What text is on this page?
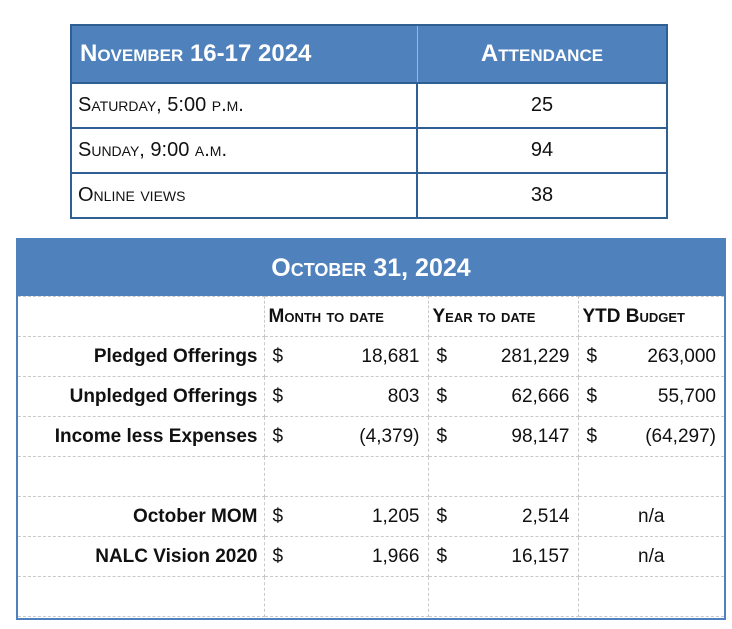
November 16-17 2024	Attendance
Saturday, 5:00 p.m.	25
Sunday, 9:00 a.m.	94
Online views	38
October 31, 2024
	Month to date	Year to date	YTD Budget
Pledged Offerings	$ 18,681	$ 281,229	$ 263,000

Unpledged Offerings	$ 803	$ 62,666	$ 55,700

Income less Expenses	$ (4,379)	$ 98,147	$ (64,297)

October MOM	$ 1,205	$ 2,514	n/a
NALC Vision 2020	$ 1,966	$ 16,157	n/a
